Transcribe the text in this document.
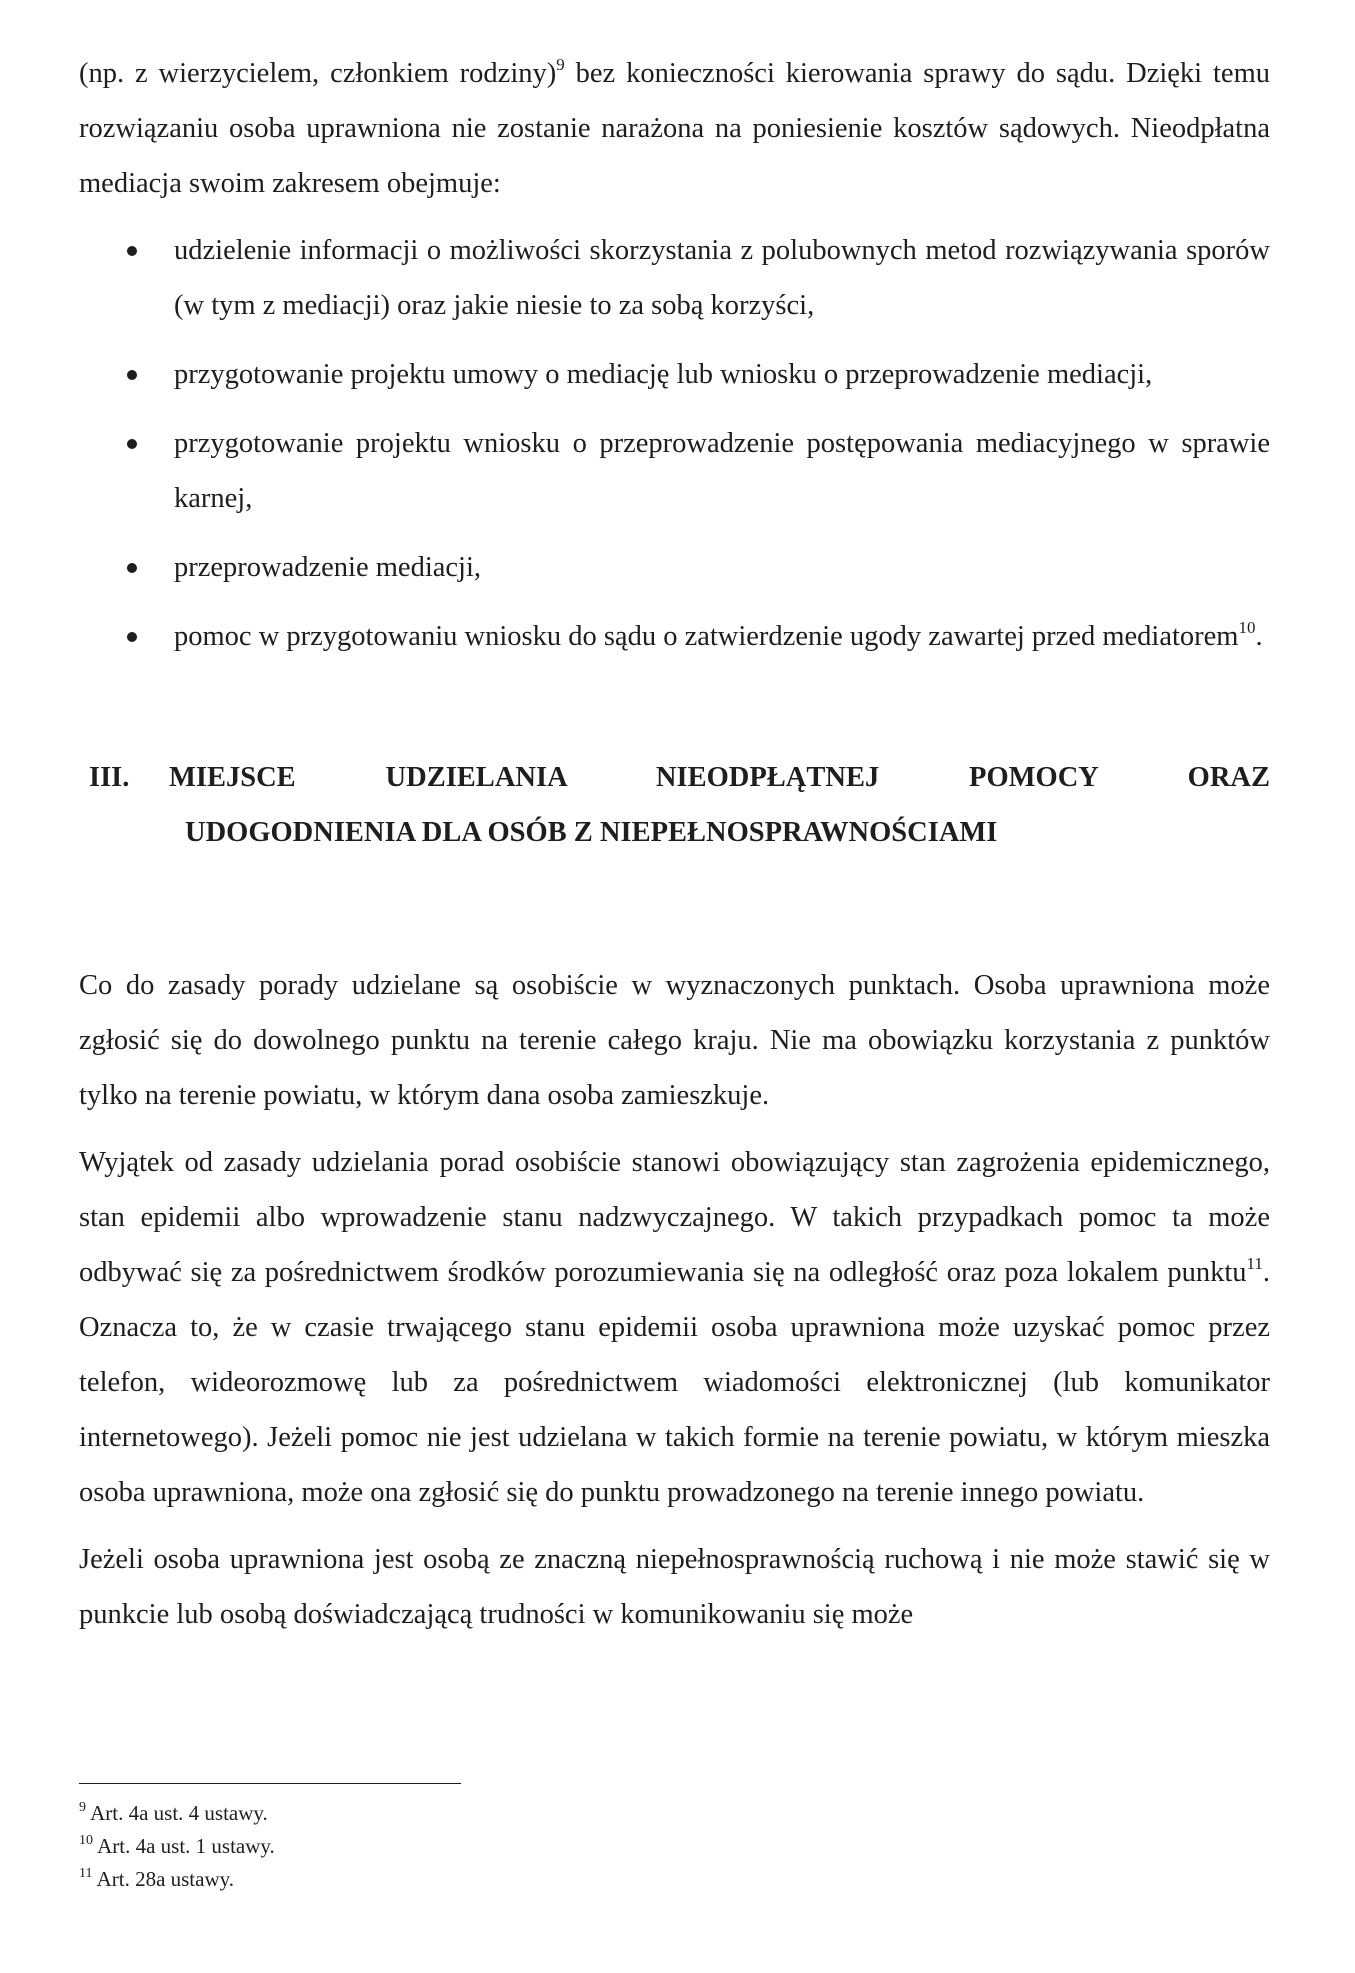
(np. z wierzycielem, członkiem rodziny)$^9$ bez konieczności kierowania sprawy do sądu. Dzięki temu rozwiązaniu osoba uprawniona nie zostanie narażona na poniesienie kosztów sądowych. Nieodpłatna mediacja swoim zakresem obejmuje:

udzielenie informacji o możliwości skorzystania z polubownych metod rozwiązywania sporów (w tym z mediacji) oraz jakie niesie to za sobą korzyści,
przygotowanie projektu umowy o mediację lub wniosku o przeprowadzenie mediacji,
przygotowanie projektu wniosku o przeprowadzenie postępowania mediacyjnego w sprawie karnej,
przeprowadzenie mediacji,
pomoc w przygotowaniu wniosku do sądu o zatwierdzenie ugody zawartej przed mediatorem$^{10}$.
III. MIEJSCE UDZIELANIA NIEODPŁĄTNEJ POMOCY ORAZ
UDOGODNIENIA DLA OSÓB Z NIEPEŁNOSPRAWNOŚCIAMI

Co do zasady porady udzielane są osobiście w wyznaczonych punktach. Osoba uprawniona może zgłosić się do dowolnego punktu na terenie całego kraju. Nie ma obowiązku korzystania z punktów tylko na terenie powiatu, w którym dana osoba zamieszkuje.

Wyjątek od zasady udzielania porad osobiście stanowi obowiązujący stan zagrożenia epidemicznego, stan epidemii albo wprowadzenie stanu nadzwyczajnego. W takich przypadkach pomoc ta może odbywać się za pośrednictwem środków porozumiewania się na odległość oraz poza lokalem punktu$^{11}$. Oznacza to, że w czasie trwającego stanu epidemii osoba uprawniona może uzyskać pomoc przez telefon, wideorozmowę lub za pośrednictwem wiadomości elektronicznej (lub komunikator internetowego). Jeżeli pomoc nie jest udzielana w takich formie na terenie powiatu, w którym mieszka osoba uprawniona, może ona zgłosić się do punktu prowadzonego na terenie innego powiatu.

Jeżeli osoba uprawniona jest osobą ze znaczną niepełnosprawnością ruchową i nie może stawić się w punkcie lub osobą doświadczającą trudności w komunikowaniu się może

$^9$ Art. 4a ust. 4 ustawy.
$^{10}$ Art. 4a ust. 1 ustawy.
$^{11}$ Art. 28a ustawy.
